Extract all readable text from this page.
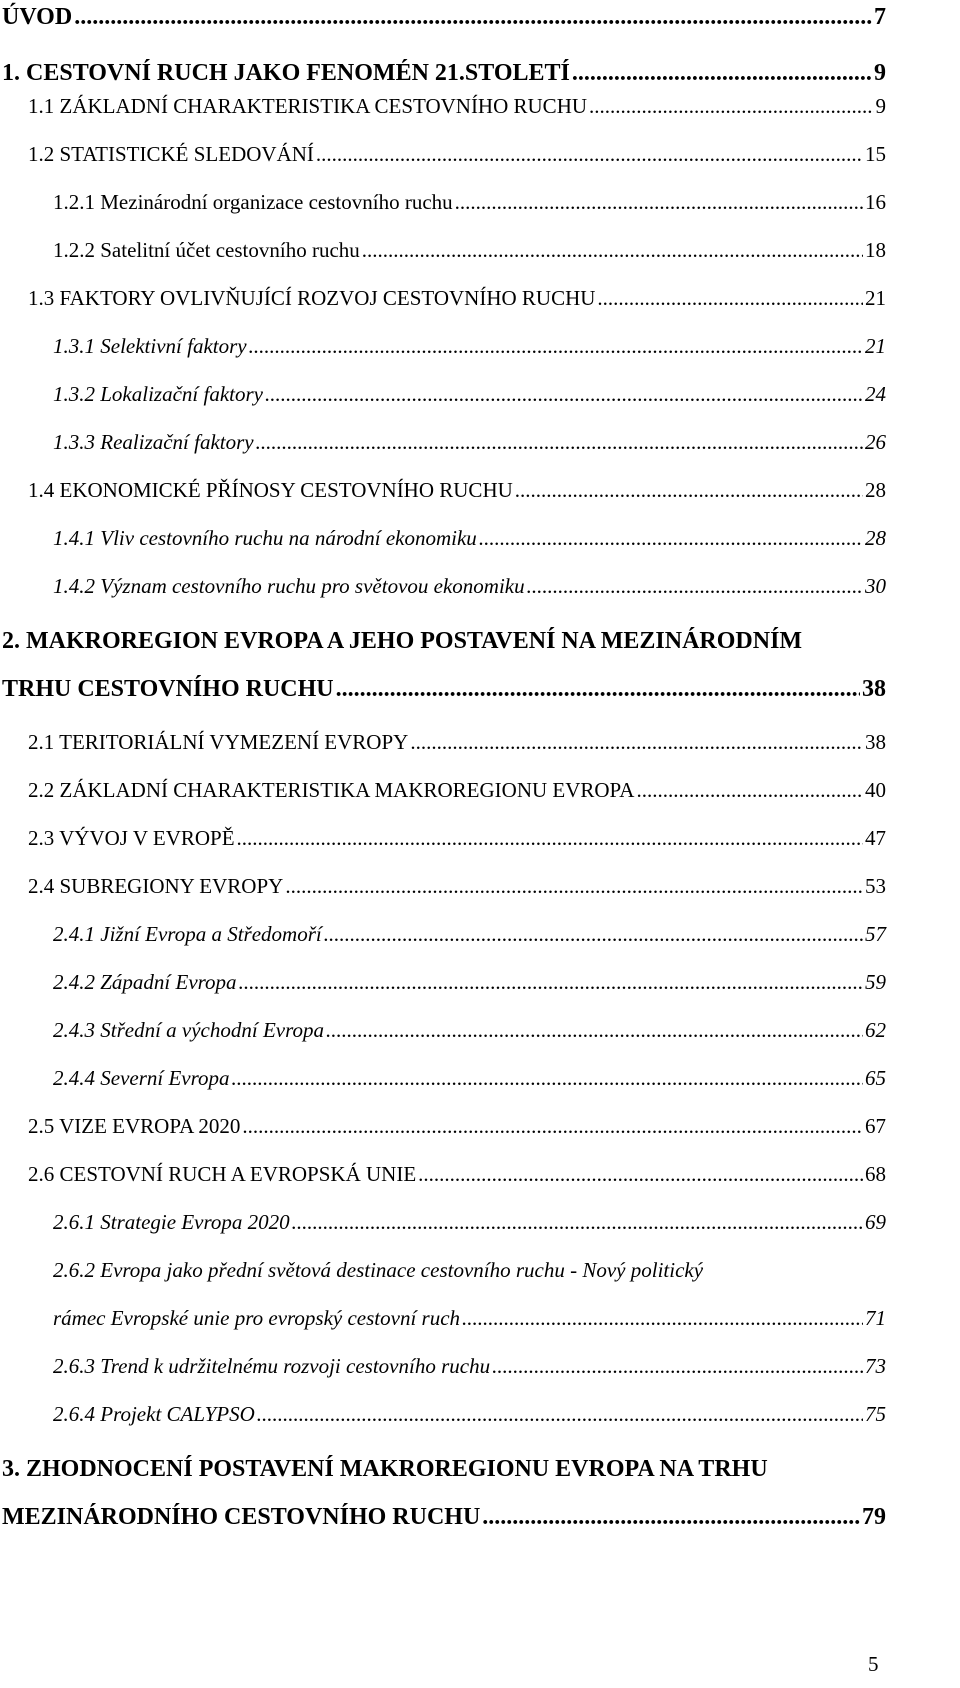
ÚVOD .....	7
1. CESTOVNÍ RUCH JAKO FENOMÉN 21.STOLETÍ .....	9
1.1 ZÁKLADNÍ CHARAKTERISTIKA CESTOVNÍHO RUCHU .....	9
1.2 STATISTICKÉ SLEDOVÁNÍ .....	15
1.2.1 Mezinárodní organizace cestovního ruchu .....	16
1.2.2 Satelitní účet cestovního ruchu .....	18
1.3 FAKTORY OVLIVŇUJÍCÍ ROZVOJ CESTOVNÍHO RUCHU .....	21
1.3.1 Selektivní faktory .....	21
1.3.2 Lokalizační faktory .....	24
1.3.3 Realizační faktory .....	26
1.4 EKONOMICKÉ PŘÍNOSY CESTOVNÍHO RUCHU .....	28
1.4.1 Vliv cestovního ruchu na národní ekonomiku .....	28
1.4.2 Význam cestovního ruchu pro světovou ekonomiku .....	30
2. MAKROREGION EVROPA A JEHO POSTAVENÍ NA MEZINÁRODNÍM
TRHU CESTOVNÍHO RUCHU .....	38
2.1 TERITORIÁLNÍ VYMEZENÍ EVROPY .....	38
2.2 ZÁKLADNÍ CHARAKTERISTIKA MAKROREGIONU EVROPA .....	40
2.3 VÝVOJ V EVROPĚ .....	47
2.4 SUBREGIONY EVROPY .....	53
2.4.1 Jižní Evropa a Středomoří .....	57
2.4.2 Západní Evropa .....	59
2.4.3 Střední a východní Evropa .....	62
2.4.4 Severní Evropa .....	65
2.5 VIZE EVROPA 2020 .....	67
2.6 CESTOVNÍ RUCH A EVROPSKÁ UNIE .....	68
2.6.1 Strategie Evropa 2020 .....	69
2.6.2 Evropa jako přední světová destinace cestovního ruchu - Nový politický
rámec Evropské unie pro evropský cestovní ruch .....	71
2.6.3 Trend k udržitelnému rozvoji cestovního ruchu .....	73
2.6.4 Projekt CALYPSO .....	75
3. ZHODNOCENÍ POSTAVENÍ MAKROREGIONU EVROPA NA TRHU
MEZINÁRODNÍHO CESTOVNÍHO RUCHU .....	79
5
